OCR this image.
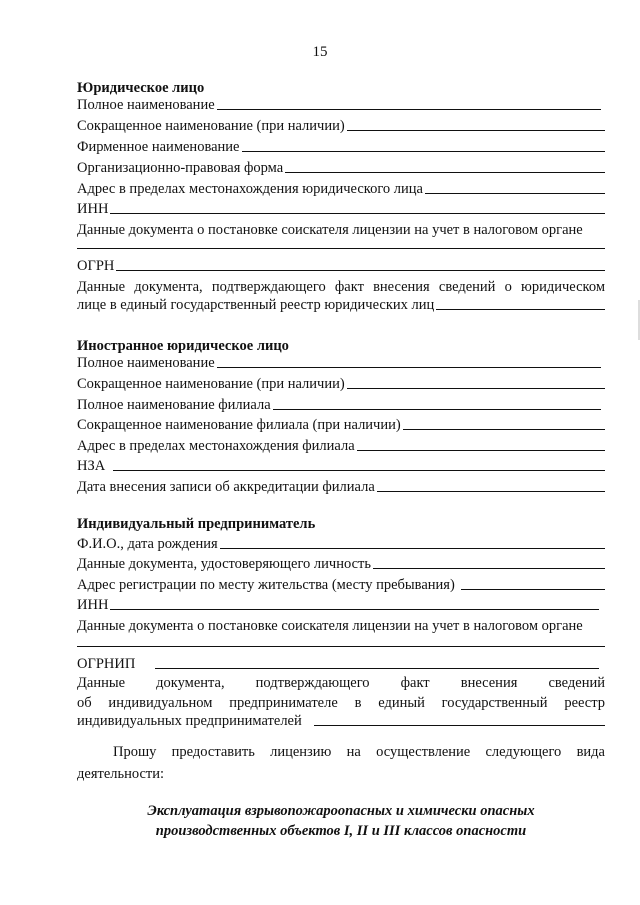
15
Юридическое лицо
Полное наименование
Сокращенное наименование (при наличии)
Фирменное наименование
Организационно-правовая форма
Адрес в пределах местонахождения юридического лица
ИНН
Данные документа о постановке соискателя лицензии на учет в налоговом органе
ОГРН
Данные документа, подтверждающего факт внесения сведений о юридическом
лице в единый государственный реестр юридических лиц
Иностранное юридическое лицо
Полное наименование
Сокращенное наименование (при наличии)
Полное наименование филиала
Сокращенное наименование филиала (при наличии)
Адрес в пределах местонахождения филиала
НЗА
Дата внесения записи об аккредитации филиала
Индивидуальный предприниматель
Ф.И.О., дата рождения
Данные документа, удостоверяющего личность
Адрес регистрации по месту жительства (месту пребывания)
ИНН
Данные документа о постановке соискателя лицензии на учет в налоговом органе
ОГРНИП
Данные документа, подтверждающего факт внесения сведений
об индивидуальном предпринимателе в единый государственный реестр
индивидуальных предпринимателей
Прошу предоставить лицензию на осуществление следующего вида деятельности:
Эксплуатация взрывопожароопасных и химически опасных
производственных объектов I, II и III классов опасности
